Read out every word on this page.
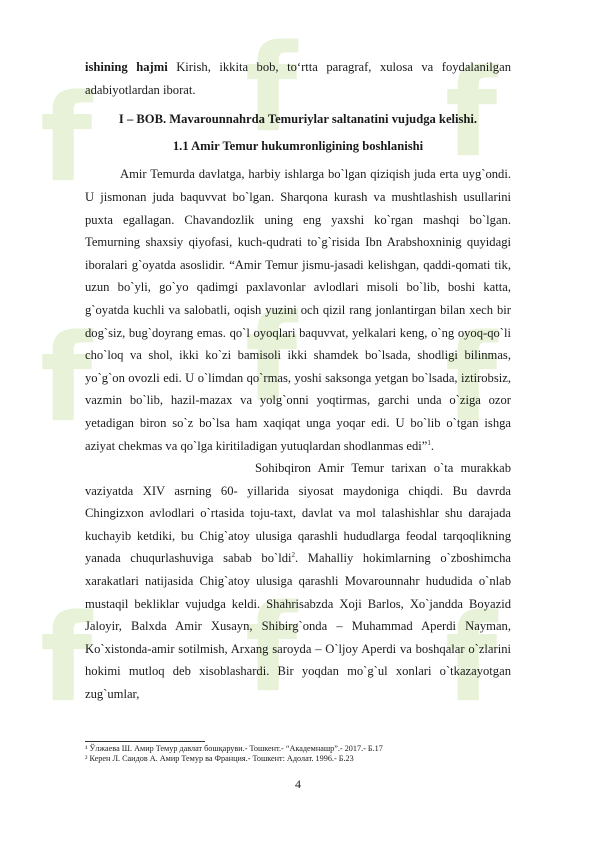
f f f
f f f
f f f

ishining hajmi Kirish, ikkita bob, to‘rtta paragraf, xulosa va foydalanilgan adabiyotlardan iborat.

I – BOB. Mavarounnahrda Temuriylar saltanatini vujudga kelishi.
1.1 Amir Temur hukumronligining boshlanishi

Amir Temurda davlatga, harbiy ishlarga bo`lgan qiziqish juda erta uyg`ondi. U jismonan juda baquvvat bo`lgan. Sharqona kurash va mushtlashish usullarini puxta egallagan. Chavandozlik uning eng yaxshi ko`rgan mashqi bo`lgan. Temurning shaxsiy qiyofasi, kuch-qudrati to`g`risida Ibn Arabshoxninig quyidagi iboralari g`oyatda asoslidir. “Amir Temur jismu-jasadi kelishgan, qaddi-qomati tik, uzun bo`yli, go`yo qadimgi paxlavonlar avlodlari misoli bo`lib, boshi katta, g`oyatda kuchli va salobatli, oqish yuzini och qizil rang jonlantirgan bilan xech bir dog`siz, bug`doyrang emas. qo`l oyoqlari baquvvat, yelkalari keng, o`ng oyoq-qo`li cho`loq va shol, ikki ko`zi bamisoli ikki shamdek bo`lsada, shodligi bilinmas, yo`g`on ovozli edi. U o`limdan qo`rmas, yoshi saksonga yetgan bo`lsada, iztirobsiz, vazmin bo`lib, hazil-mazax va yolg`onni yoqtirmas, garchi unda o`ziga ozor yetadigan biron so`z bo`lsa ham xaqiqat unga yoqar edi. U bo`lib o`tgan ishga aziyat chekmas va qo`lga kiritiladigan yutuqlardan shodlanmas edi”$^1$.

Sohibqiron Amir Temur tarixan o`ta murakkab vaziyatda XIV asrning 60- yillarida siyosat maydoniga chiqdi. Bu davrda Chingizxon avlodlari o`rtasida toju-taxt, davlat va mol talashishlar shu darajada kuchayib ketdiki, bu Chig`atoy ulusiga qarashli hududlarga feodal tarqoqlikning yanada chuqurlashuviga sabab bo`ldi$^2$. Mahalliy hokimlarning o`zboshimcha xarakatlari natijasida Chig`atoy ulusiga qarashli Movarounnahr hududida o`nlab mustaqil bekliklar vujudga keldi. Shahrisabzda Xoji Barlos, Xo`jandda Boyazid Jaloyir, Balxda Amir Xusayn, Shibirg`onda – Muhammad Aperdi Nayman, Ko`xistonda-amir sotilmish, Arxang saroyda – O`ljoy Aperdi va boshqalar o`zlarini hokimi mutloq deb xisoblashardi. Bir yoqdan mo`g`ul xonlari o`tkazayotgan zug`umlar,

¹ Ўлжаева Ш. Амир Темур давлат бошқаруви.- Тошкент.- “Академнашр”.- 2017.- Б.17
² Керен Л. Саидов А. Амир Темур ва Франция.- Тошкент: Адолат. 1996.- Б.23
4
